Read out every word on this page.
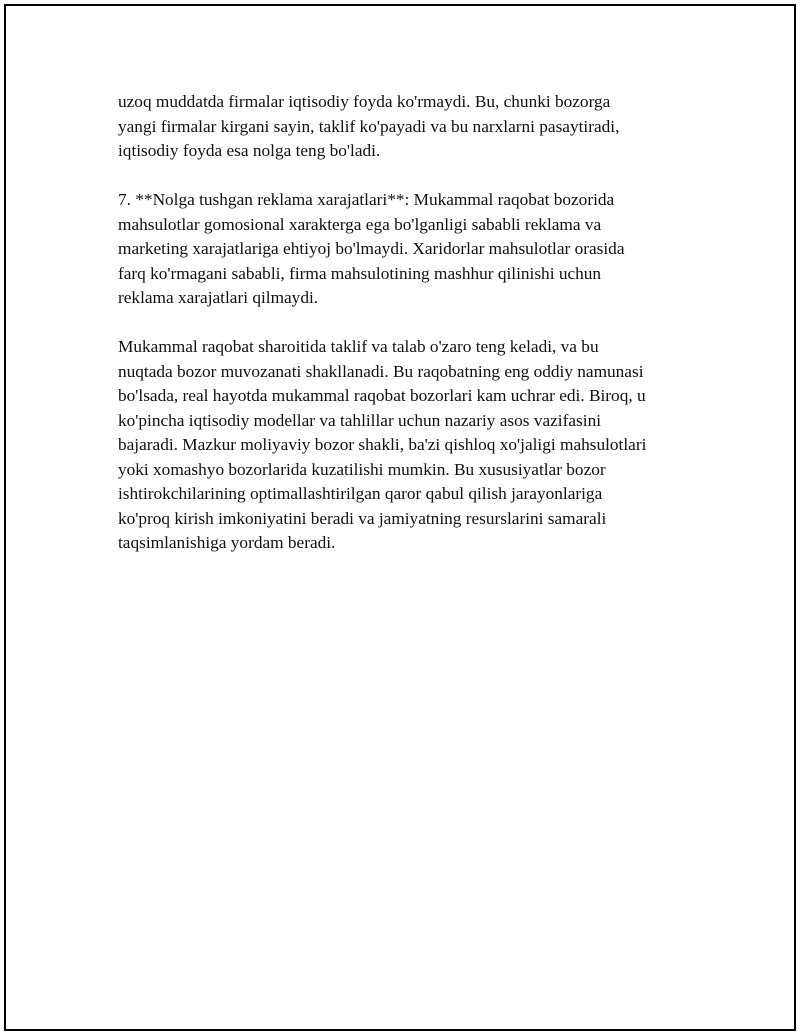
uzoq muddatda firmalar iqtisodiy foyda ko'rmaydi. Bu, chunki bozorga
yangi firmalar kirgani sayin, taklif ko'payadi va bu narxlarni pasaytiradi,
iqtisodiy foyda esa nolga teng bo'ladi.

7. **Nolga tushgan reklama xarajatlari**: Mukammal raqobat bozorida
mahsulotlar gomosional xarakterga ega bo'lganligi sababli reklama va
marketing xarajatlariga ehtiyoj bo'lmaydi. Xaridorlar mahsulotlar orasida
farq ko'rmagani sababli, firma mahsulotining mashhur qilinishi uchun
reklama xarajatlari qilmaydi.

Mukammal raqobat sharoitida taklif va talab o'zaro teng keladi, va bu
nuqtada bozor muvozanati shakllanadi. Bu raqobatning eng oddiy namunasi
bo'lsada, real hayotda mukammal raqobat bozorlari kam uchrar edi. Biroq, u
ko'pincha iqtisodiy modellar va tahlillar uchun nazariy asos vazifasini
bajaradi. Mazkur moliyaviy bozor shakli, ba'zi qishloq xo'jaligi mahsulotlari
yoki xomashyo bozorlarida kuzatilishi mumkin. Bu xususiyatlar bozor
ishtirokchilarining optimallashtirilgan qaror qabul qilish jarayonlariga
ko'proq kirish imkoniyatini beradi va jamiyatning resurslarini samarali
taqsimlanishiga yordam beradi.
